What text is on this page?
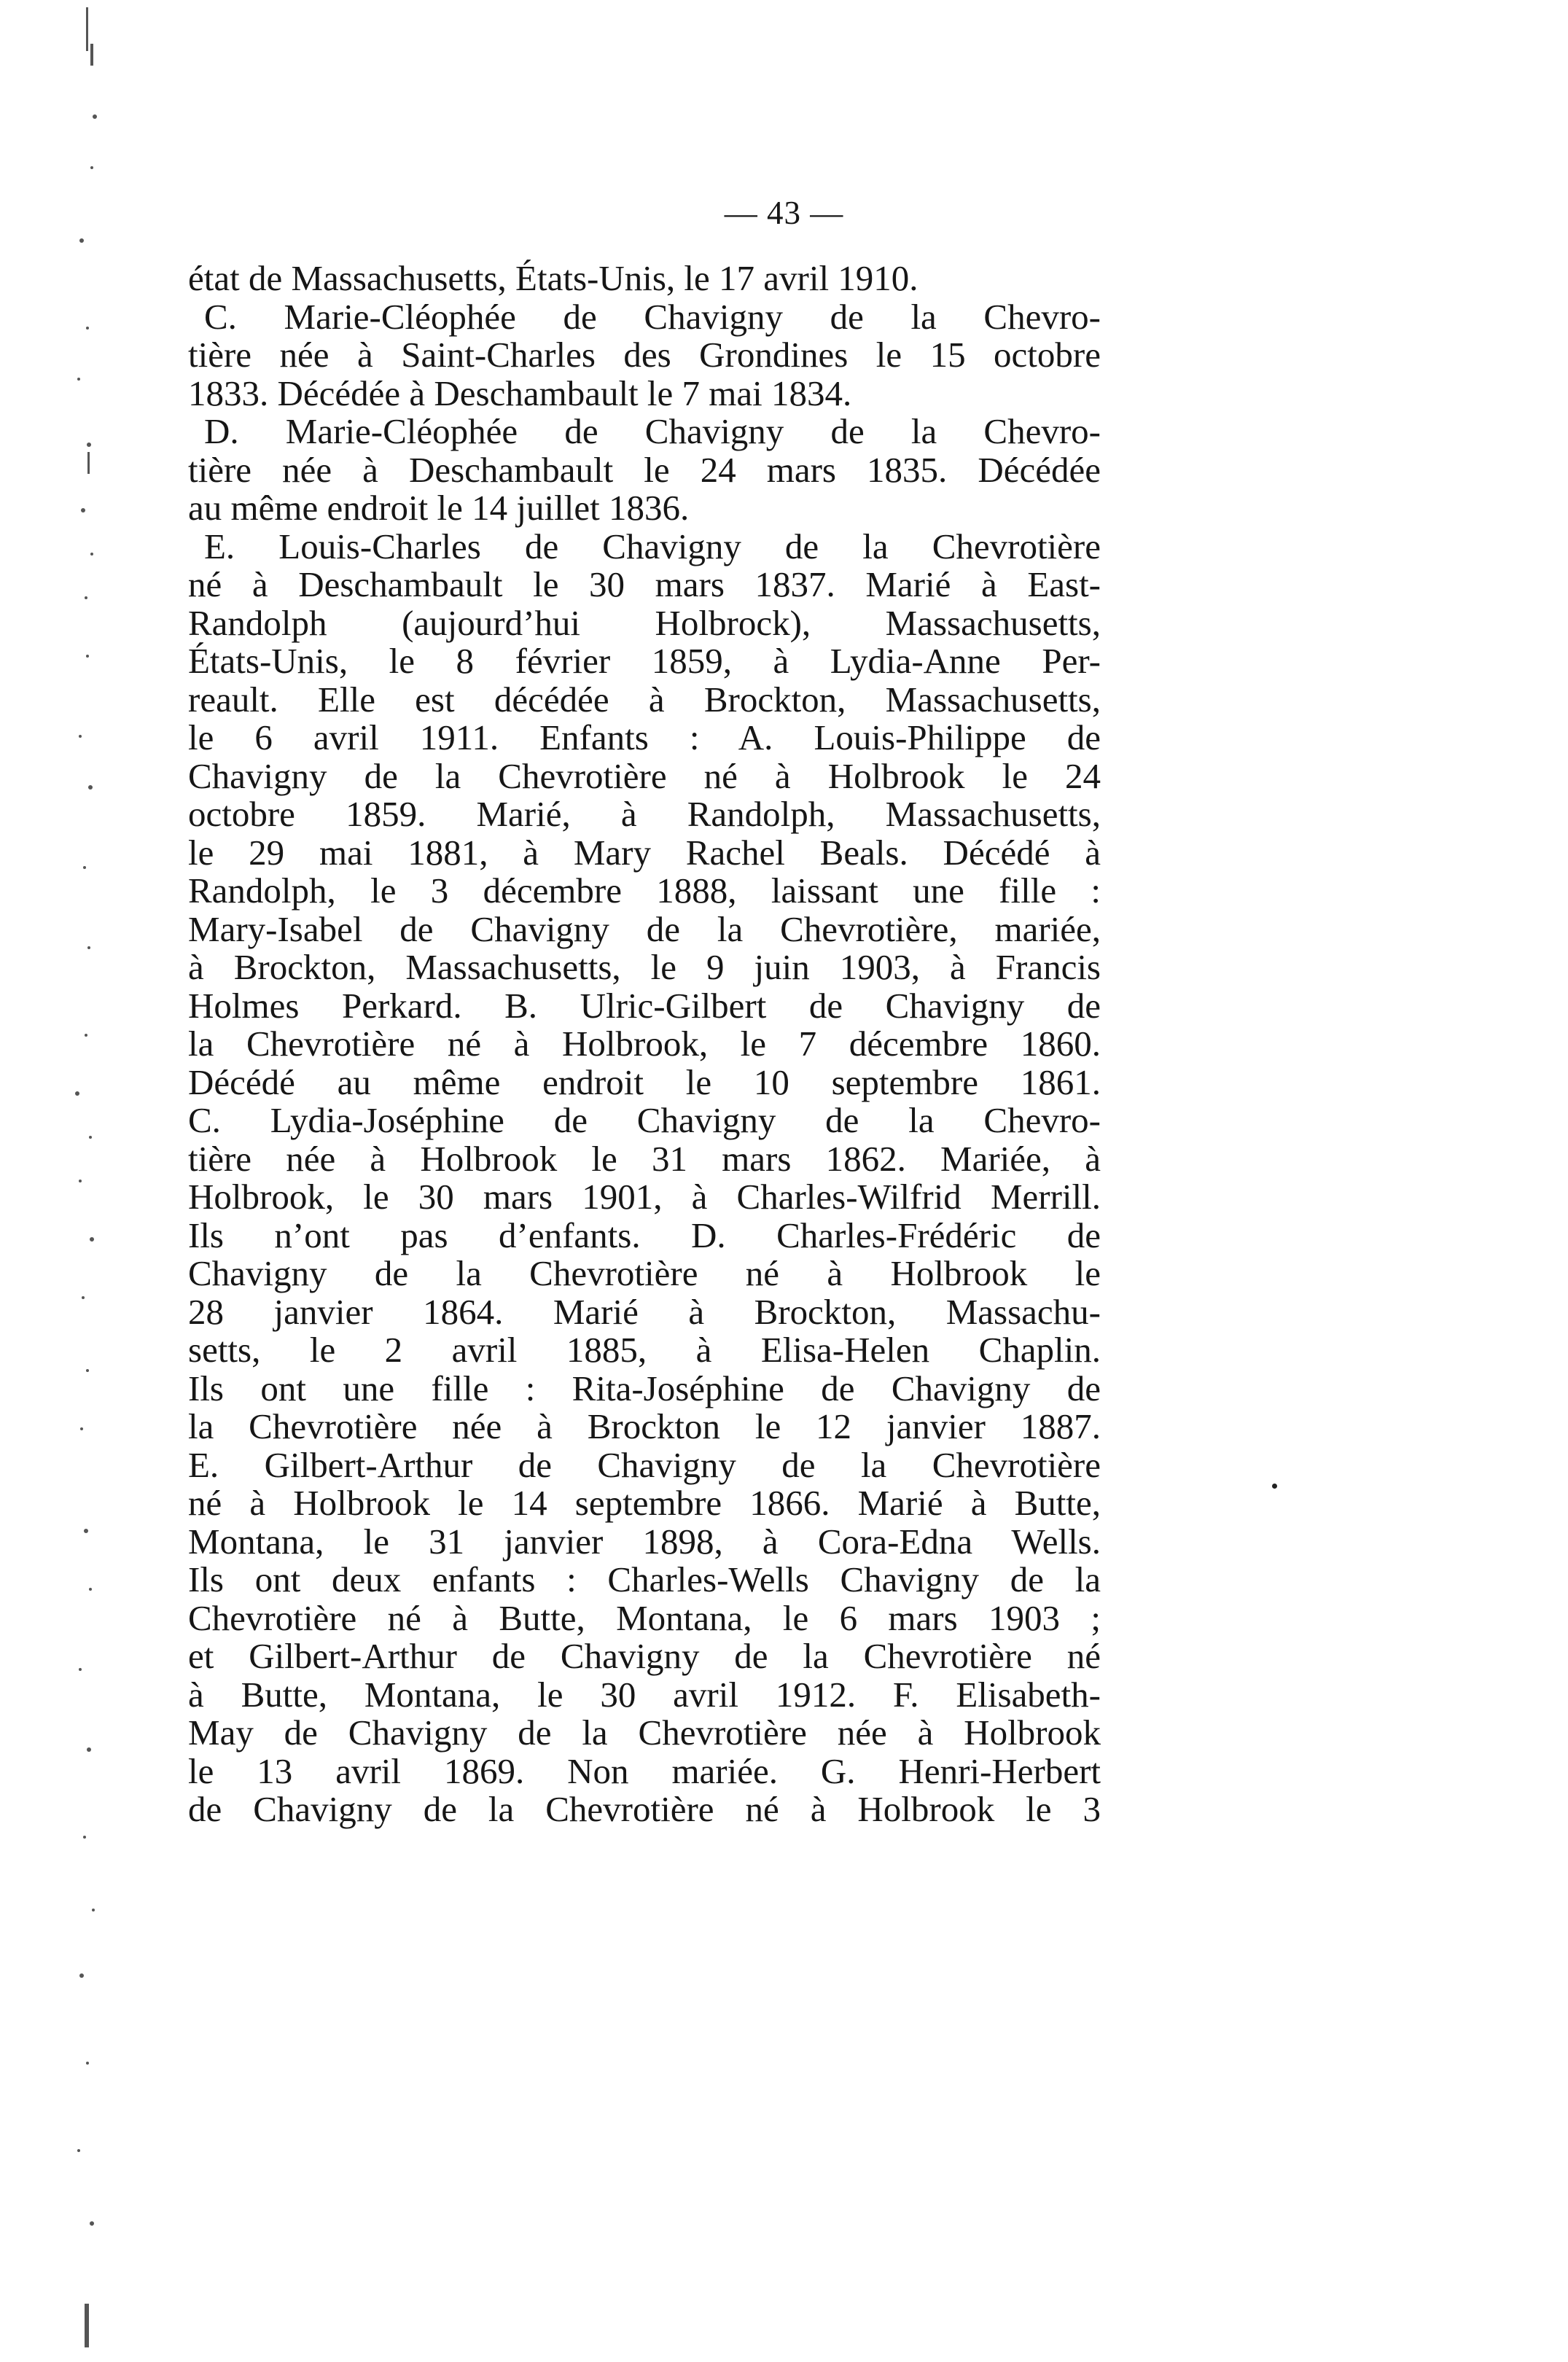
— 43 —
état de Massachusetts, États-Unis, le 17 avril 1910.
C. Marie-Cléophée de Chavigny de la Chevro-
tière née à Saint-Charles des Grondines le 15 octobre
1833. Décédée à Deschambault le 7 mai 1834.
D. Marie-Cléophée de Chavigny de la Chevro-
tière née à Deschambault le 24 mars 1835. Décédée
au même endroit le 14 juillet 1836.
E. Louis-Charles de Chavigny de la Chevrotière
né à Deschambault le 30 mars 1837. Marié à East-
Randolph (aujourd’hui Holbrock), Massachusetts,
États-Unis, le 8 février 1859, à Lydia-Anne Per-
reault. Elle est décédée à Brockton, Massachusetts,
le 6 avril 1911. Enfants : A. Louis-Philippe de
Chavigny de la Chevrotière né à Holbrook le 24
octobre 1859. Marié, à Randolph, Massachusetts,
le 29 mai 1881, à Mary Rachel Beals. Décédé à
Randolph, le 3 décembre 1888, laissant une fille :
Mary-Isabel de Chavigny de la Chevrotière, mariée,
à Brockton, Massachusetts, le 9 juin 1903, à Francis
Holmes Perkard. B. Ulric-Gilbert de Chavigny de
la Chevrotière né à Holbrook, le 7 décembre 1860.
Décédé au même endroit le 10 septembre 1861.
C. Lydia-Joséphine de Chavigny de la Chevro-
tière née à Holbrook le 31 mars 1862. Mariée, à
Holbrook, le 30 mars 1901, à Charles-Wilfrid Merrill.
Ils n’ont pas d’enfants. D. Charles-Frédéric de
Chavigny de la Chevrotière né à Holbrook le
28 janvier 1864. Marié à Brockton, Massachu-
setts, le 2 avril 1885, à Elisa-Helen Chaplin.
Ils ont une fille : Rita-Joséphine de Chavigny de
la Chevrotière née à Brockton le 12 janvier 1887.
E. Gilbert-Arthur de Chavigny de la Chevrotière
né à Holbrook le 14 septembre 1866. Marié à Butte,
Montana, le 31 janvier 1898, à Cora-Edna Wells.
Ils ont deux enfants : Charles-Wells Chavigny de la
Chevrotière né à Butte, Montana, le 6 mars 1903 ;
et Gilbert-Arthur de Chavigny de la Chevrotière né
à Butte, Montana, le 30 avril 1912. F. Elisabeth-
May de Chavigny de la Chevrotière née à Holbrook
le 13 avril 1869. Non mariée. G. Henri-Herbert
de Chavigny de la Chevrotière né à Holbrook le 3
